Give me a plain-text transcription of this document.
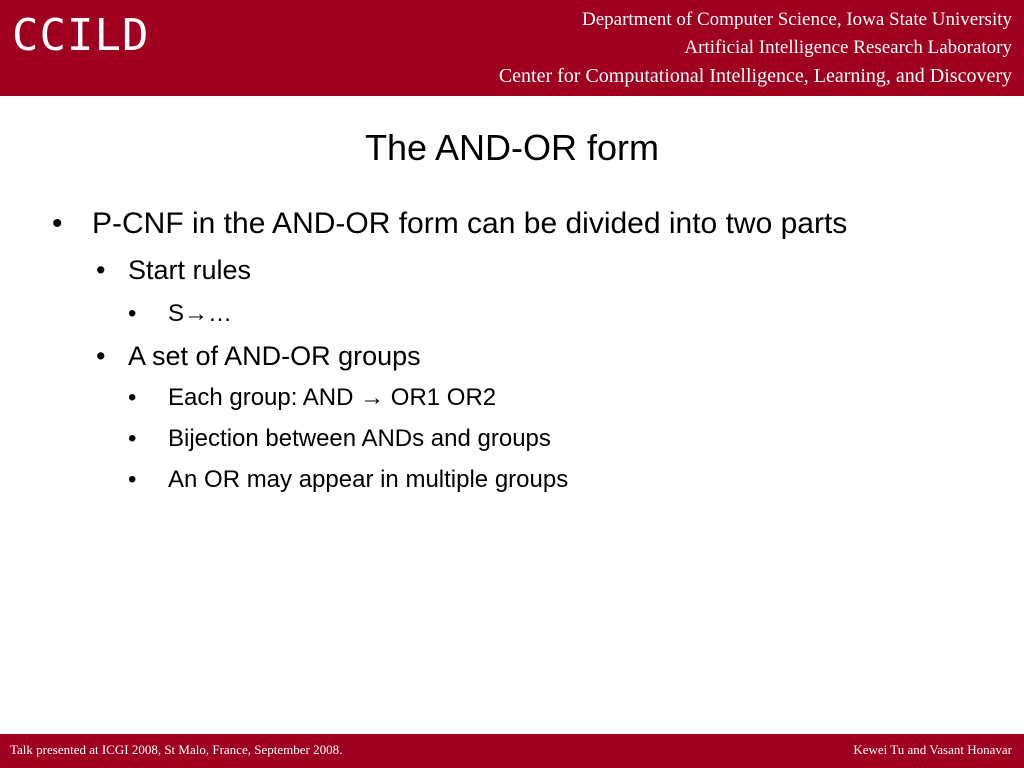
CCILD	Department of Computer Science, Iowa State University
Artificial Intelligence Research Laboratory
Center for Computational Intelligence, Learning, and Discovery
The AND-OR form
• P-CNF in the AND-OR form can be divided into two parts
• Start rules
• S→…
• A set of AND-OR groups
• Each group: AND → OR1 OR2
• Bijection between ANDs and groups
• An OR may appear in multiple groups
Talk presented at ICGI 2008, St Malo, France, September 2008.	Kewei Tu and Vasant Honavar
